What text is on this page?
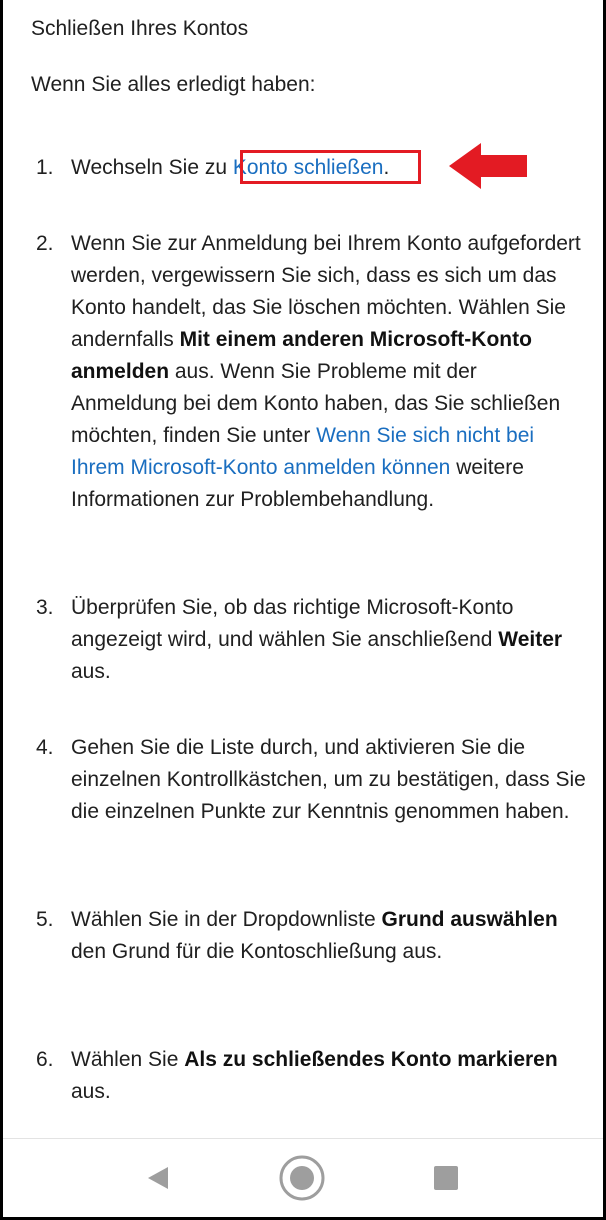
Schließen Ihres Kontos

Wenn Sie alles erledigt haben:

1. Wechseln Sie zu Konto schließen.

2. Wenn Sie zur Anmeldung bei Ihrem Konto aufgefordert werden, vergewissern Sie sich, dass es sich um das Konto handelt, das Sie löschen möchten. Wählen Sie andernfalls Mit einem anderen Microsoft-Konto anmelden aus. Wenn Sie Probleme mit der Anmeldung bei dem Konto haben, das Sie schließen möchten, finden Sie unter Wenn Sie sich nicht bei Ihrem Microsoft-Konto anmelden können weitere Informationen zur Problembehandlung.

3. Überprüfen Sie, ob das richtige Microsoft-Konto angezeigt wird, und wählen Sie anschließend Weiter aus.

4. Gehen Sie die Liste durch, und aktivieren Sie die einzelnen Kontrollkästchen, um zu bestätigen, dass Sie die einzelnen Punkte zur Kenntnis genommen haben.

5. Wählen Sie in der Dropdownliste Grund auswählen den Grund für die Kontoschließung aus.

6. Wählen Sie Als zu schließendes Konto markieren aus.
